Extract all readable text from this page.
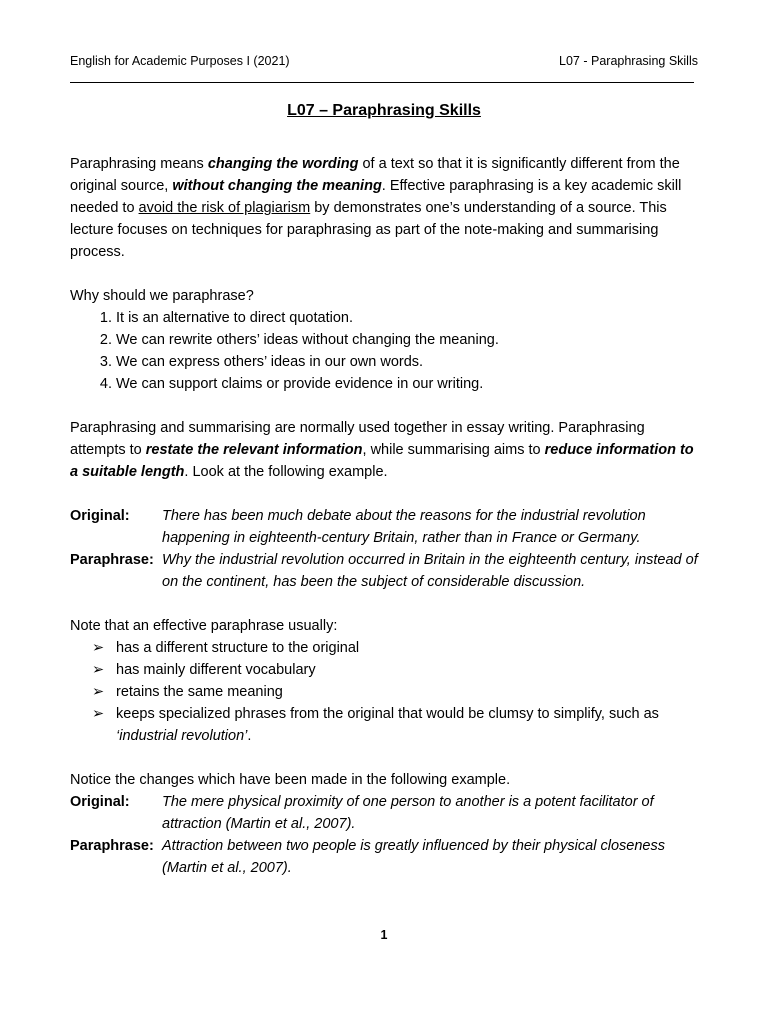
English for Academic Purposes I (2021)	L07 - Paraphrasing Skills
L07 – Paraphrasing Skills

Paraphrasing means changing the wording of a text so that it is significantly different from the original source, without changing the meaning. Effective paraphrasing is a key academic skill needed to avoid the risk of plagiarism by demonstrates one’s understanding of a source. This lecture focuses on techniques for paraphrasing as part of the note-making and summarising process.

Why should we paraphrase?

1. It is an alternative to direct quotation.
2. We can rewrite others’ ideas without changing the meaning.
3. We can express others’ ideas in our own words.
4. We can support claims or provide evidence in our writing.

Paraphrasing and summarising are normally used together in essay writing. Paraphrasing attempts to restate the relevant information, while summarising aims to reduce information to a suitable length. Look at the following example.

Original:	There has been much debate about the reasons for the industrial revolution happening in eighteenth-century Britain, rather than in France or Germany.
Paraphrase: Why the industrial revolution occurred in Britain in the eighteenth century, instead of on the continent, has been the subject of considerable discussion.

Note that an effective paraphrase usually:

➢ has a different structure to the original
➢ has mainly different vocabulary
➢ retains the same meaning
➢ keeps specialized phrases from the original that would be clumsy to simplify, such as ‘industrial revolution’.

Notice the changes which have been made in the following example.

Original:	The mere physical proximity of one person to another is a potent facilitator of attraction (Martin et al., 2007).
Paraphrase: Attraction between two people is greatly influenced by their physical closeness (Martin et al., 2007).
1
